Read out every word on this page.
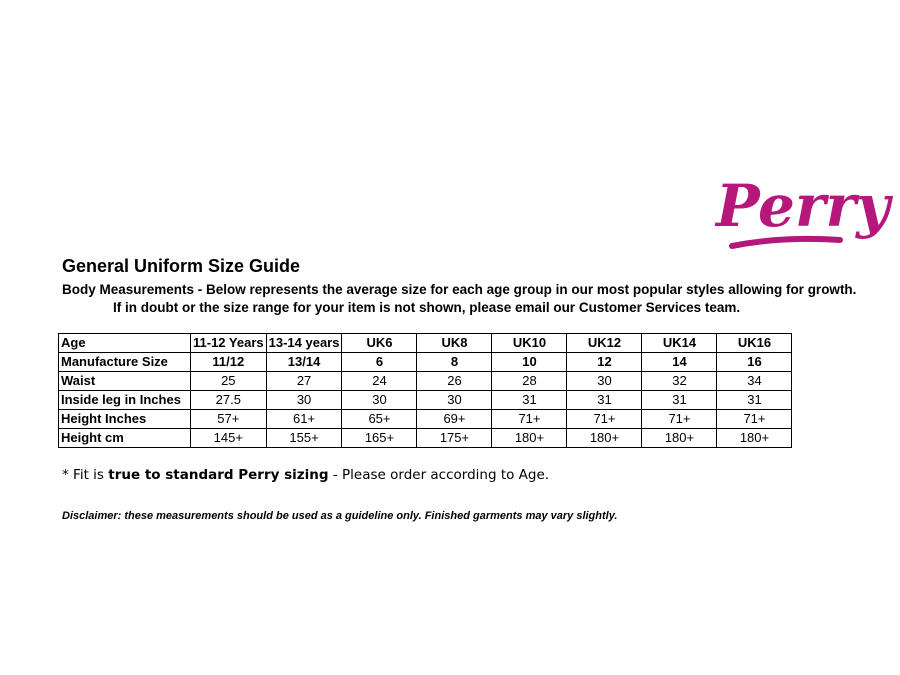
Perry
General Uniform Size Guide
Body Measurements - Below represents the average size for each age group in our most popular styles allowing for growth.
If in doubt or the size range for your item is not shown, please email our Customer Services team.
Age	11-12 Years	13-14 years	UK6	UK8	UK10	UK12	UK14	UK16
Manufacture Size	11/12	13/14	6	8	10	12	14	16
Waist	25	27	24	26	28	30	32	34
Inside leg in Inches	27.5	30	30	30	31	31	31	31
Height Inches	57+	61+	65+	69+	71+	71+	71+	71+
Height cm	145+	155+	165+	175+	180+	180+	180+	180+
* Fit is true to standard Perry sizing - Please order according to Age.
Disclaimer: these measurements should be used as a guideline only. Finished garments may vary slightly.
